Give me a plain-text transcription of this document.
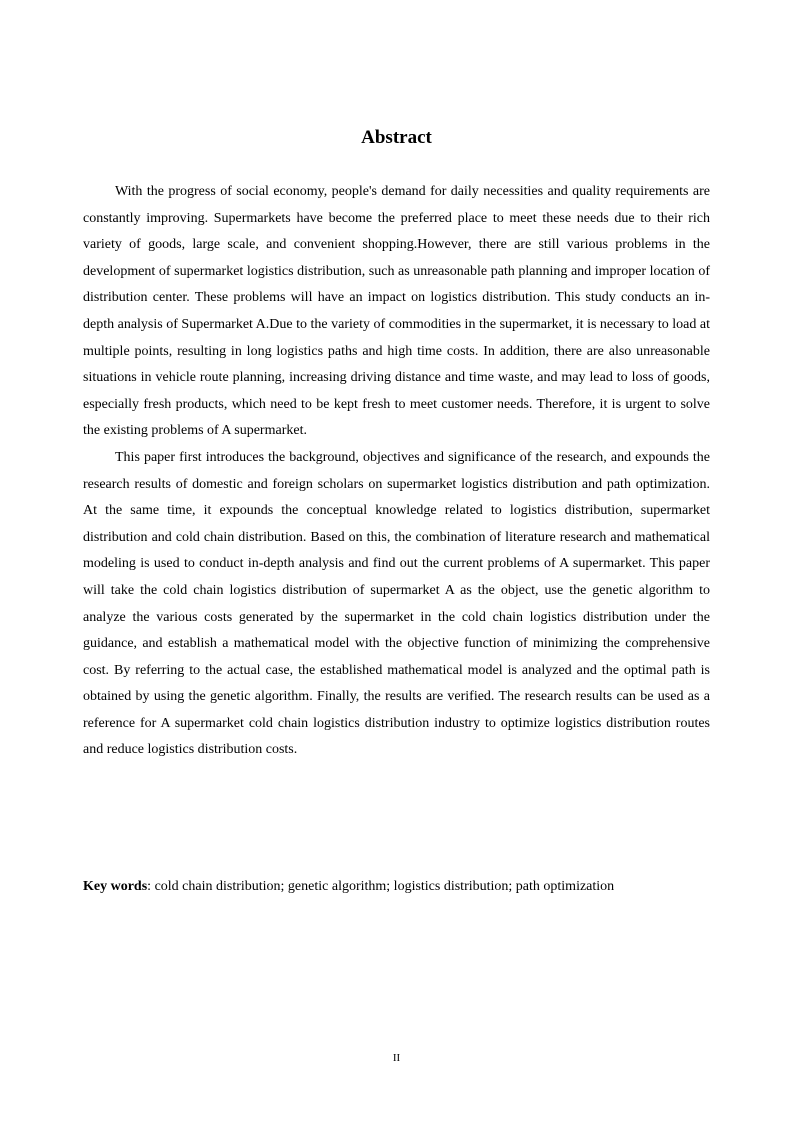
Abstract

With the progress of social economy, people's demand for daily necessities and quality requirements are constantly improving. Supermarkets have become the preferred place to meet these needs due to their rich variety of goods, large scale, and convenient shopping.However, there are still various problems in the development of supermarket logistics distribution, such as unreasonable path planning and improper location of distribution center. These problems will have an impact on logistics distribution. This study conducts an in-depth analysis of Supermarket A.Due to the variety of commodities in the supermarket, it is necessary to load at multiple points, resulting in long logistics paths and high time costs. In addition, there are also unreasonable situations in vehicle route planning, increasing driving distance and time waste, and may lead to loss of goods, especially fresh products, which need to be kept fresh to meet customer needs. Therefore, it is urgent to solve the existing problems of A supermarket.

This paper first introduces the background, objectives and significance of the research, and expounds the research results of domestic and foreign scholars on supermarket logistics distribution and path optimization. At the same time, it expounds the conceptual knowledge related to logistics distribution, supermarket distribution and cold chain distribution. Based on this, the combination of literature research and mathematical modeling is used to conduct in-depth analysis and find out the current problems of A supermarket. This paper will take the cold chain logistics distribution of supermarket A as the object, use the genetic algorithm to analyze the various costs generated by the supermarket in the cold chain logistics distribution under the guidance, and establish a mathematical model with the objective function of minimizing the comprehensive cost. By referring to the actual case, the established mathematical model is analyzed and the optimal path is obtained by using the genetic algorithm. Finally, the results are verified. The research results can be used as a reference for A supermarket cold chain logistics distribution industry to optimize logistics distribution routes and reduce logistics distribution costs.

Key words: cold chain distribution; genetic algorithm; logistics distribution; path optimization

II
